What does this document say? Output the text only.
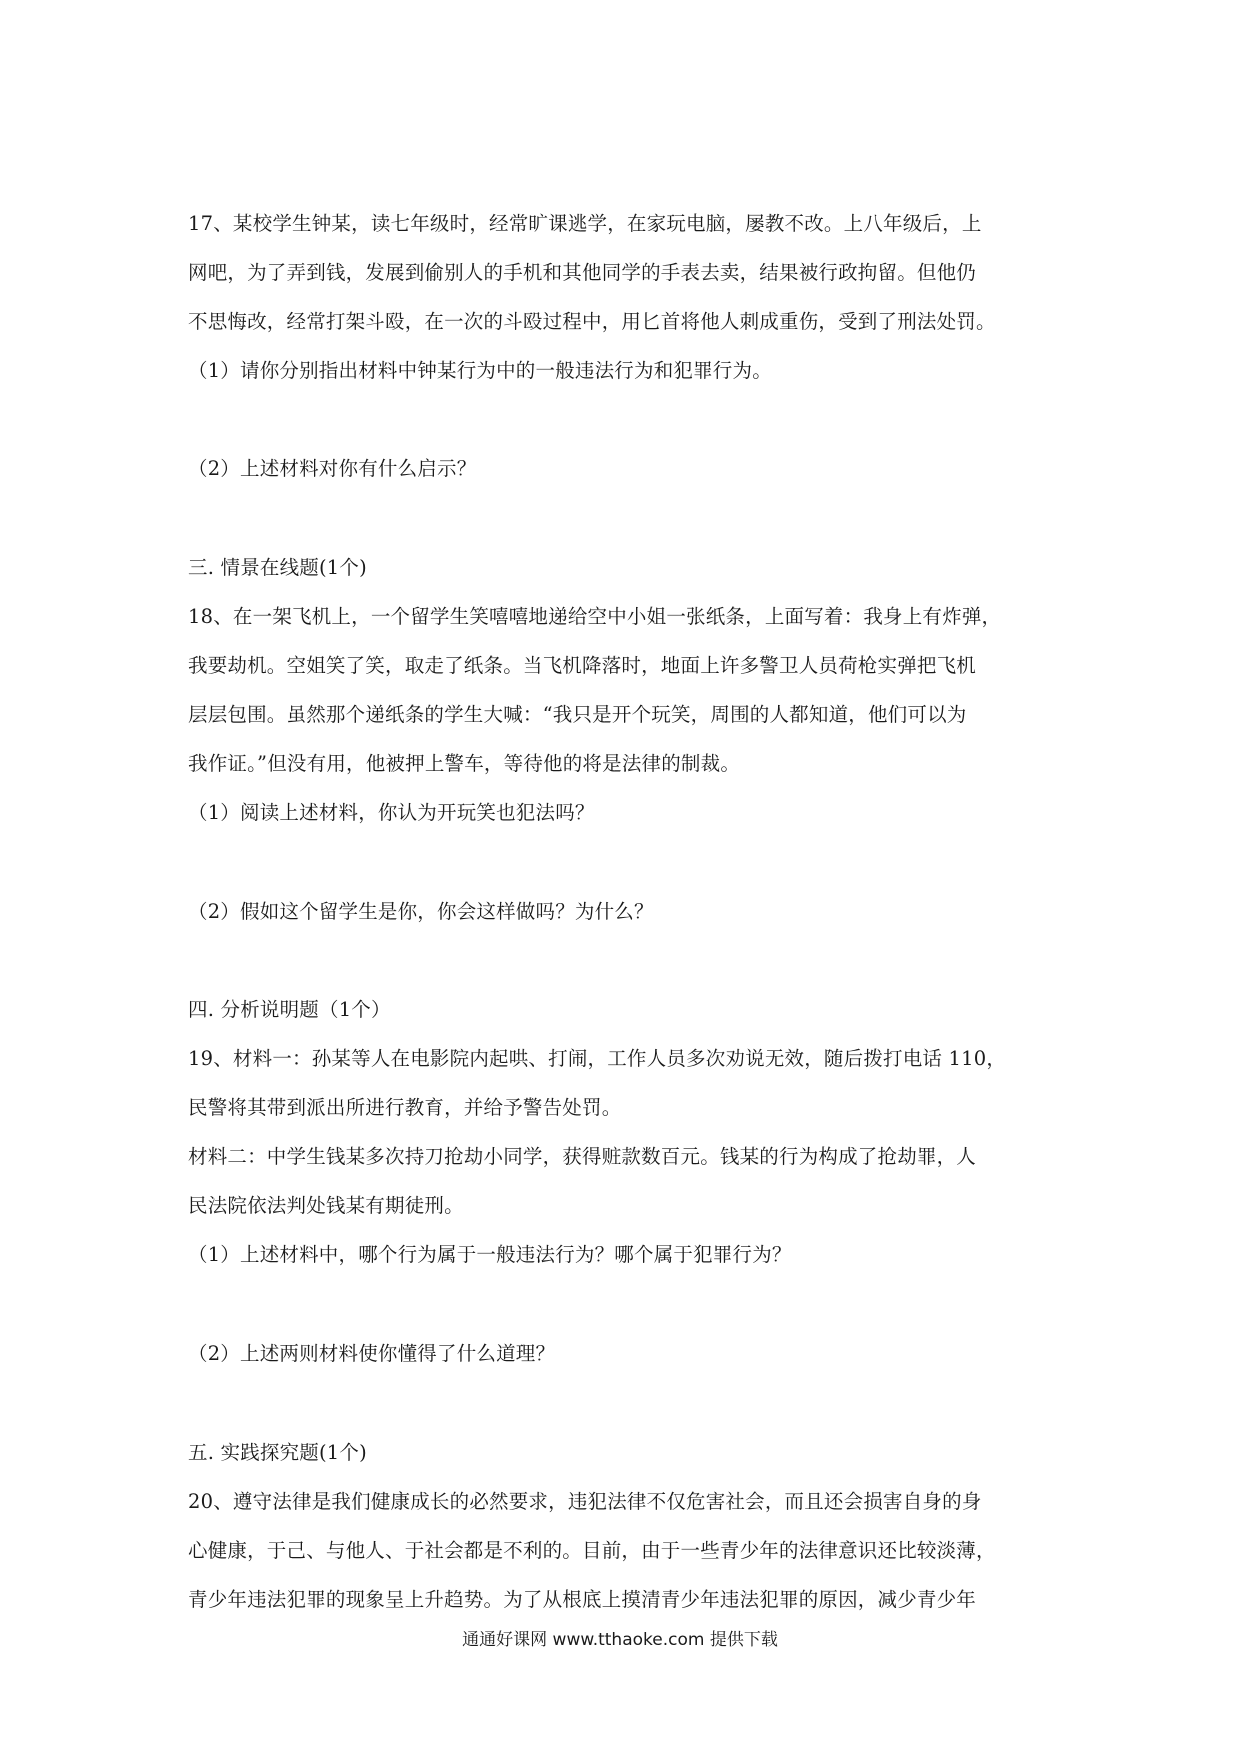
17、某校学生钟某，读七年级时，经常旷课逃学，在家玩电脑，屡教不改。上八年级后，上
网吧，为了弄到钱，发展到偷别人的手机和其他同学的手表去卖，结果被行政拘留。但他仍
不思悔改，经常打架斗殴，在一次的斗殴过程中，用匕首将他人刺成重伤，受到了刑法处罚。
（1）请你分别指出材料中钟某行为中的一般违法行为和犯罪行为。
（2）上述材料对你有什么启示？
三. 情景在线题(1个)
18、在一架飞机上，一个留学生笑嘻嘻地递给空中小姐一张纸条，上面写着：我身上有炸弹，
我要劫机。空姐笑了笑，取走了纸条。当飞机降落时，地面上许多警卫人员荷枪实弹把飞机
层层包围。虽然那个递纸条的学生大喊：“我只是开个玩笑，周围的人都知道，他们可以为
我作证。”但没有用，他被押上警车，等待他的将是法律的制裁。
（1）阅读上述材料，你认为开玩笑也犯法吗？
（2）假如这个留学生是你，你会这样做吗？为什么？
四. 分析说明题（1个）
19、材料一：孙某等人在电影院内起哄、打闹，工作人员多次劝说无效，随后拨打电话 110，
民警将其带到派出所进行教育，并给予警告处罚。
材料二：中学生钱某多次持刀抢劫小同学，获得赃款数百元。钱某的行为构成了抢劫罪，人
民法院依法判处钱某有期徒刑。
（1）上述材料中，哪个行为属于一般违法行为？哪个属于犯罪行为？
（2）上述两则材料使你懂得了什么道理？
五. 实践探究题(1个)
20、遵守法律是我们健康成长的必然要求，违犯法律不仅危害社会，而且还会损害自身的身
心健康，于己、与他人、于社会都是不利的。目前，由于一些青少年的法律意识还比较淡薄，
青少年违法犯罪的现象呈上升趋势。为了从根底上摸清青少年违法犯罪的原因，减少青少年
通通好课网 www.tthaoke.com 提供下载
